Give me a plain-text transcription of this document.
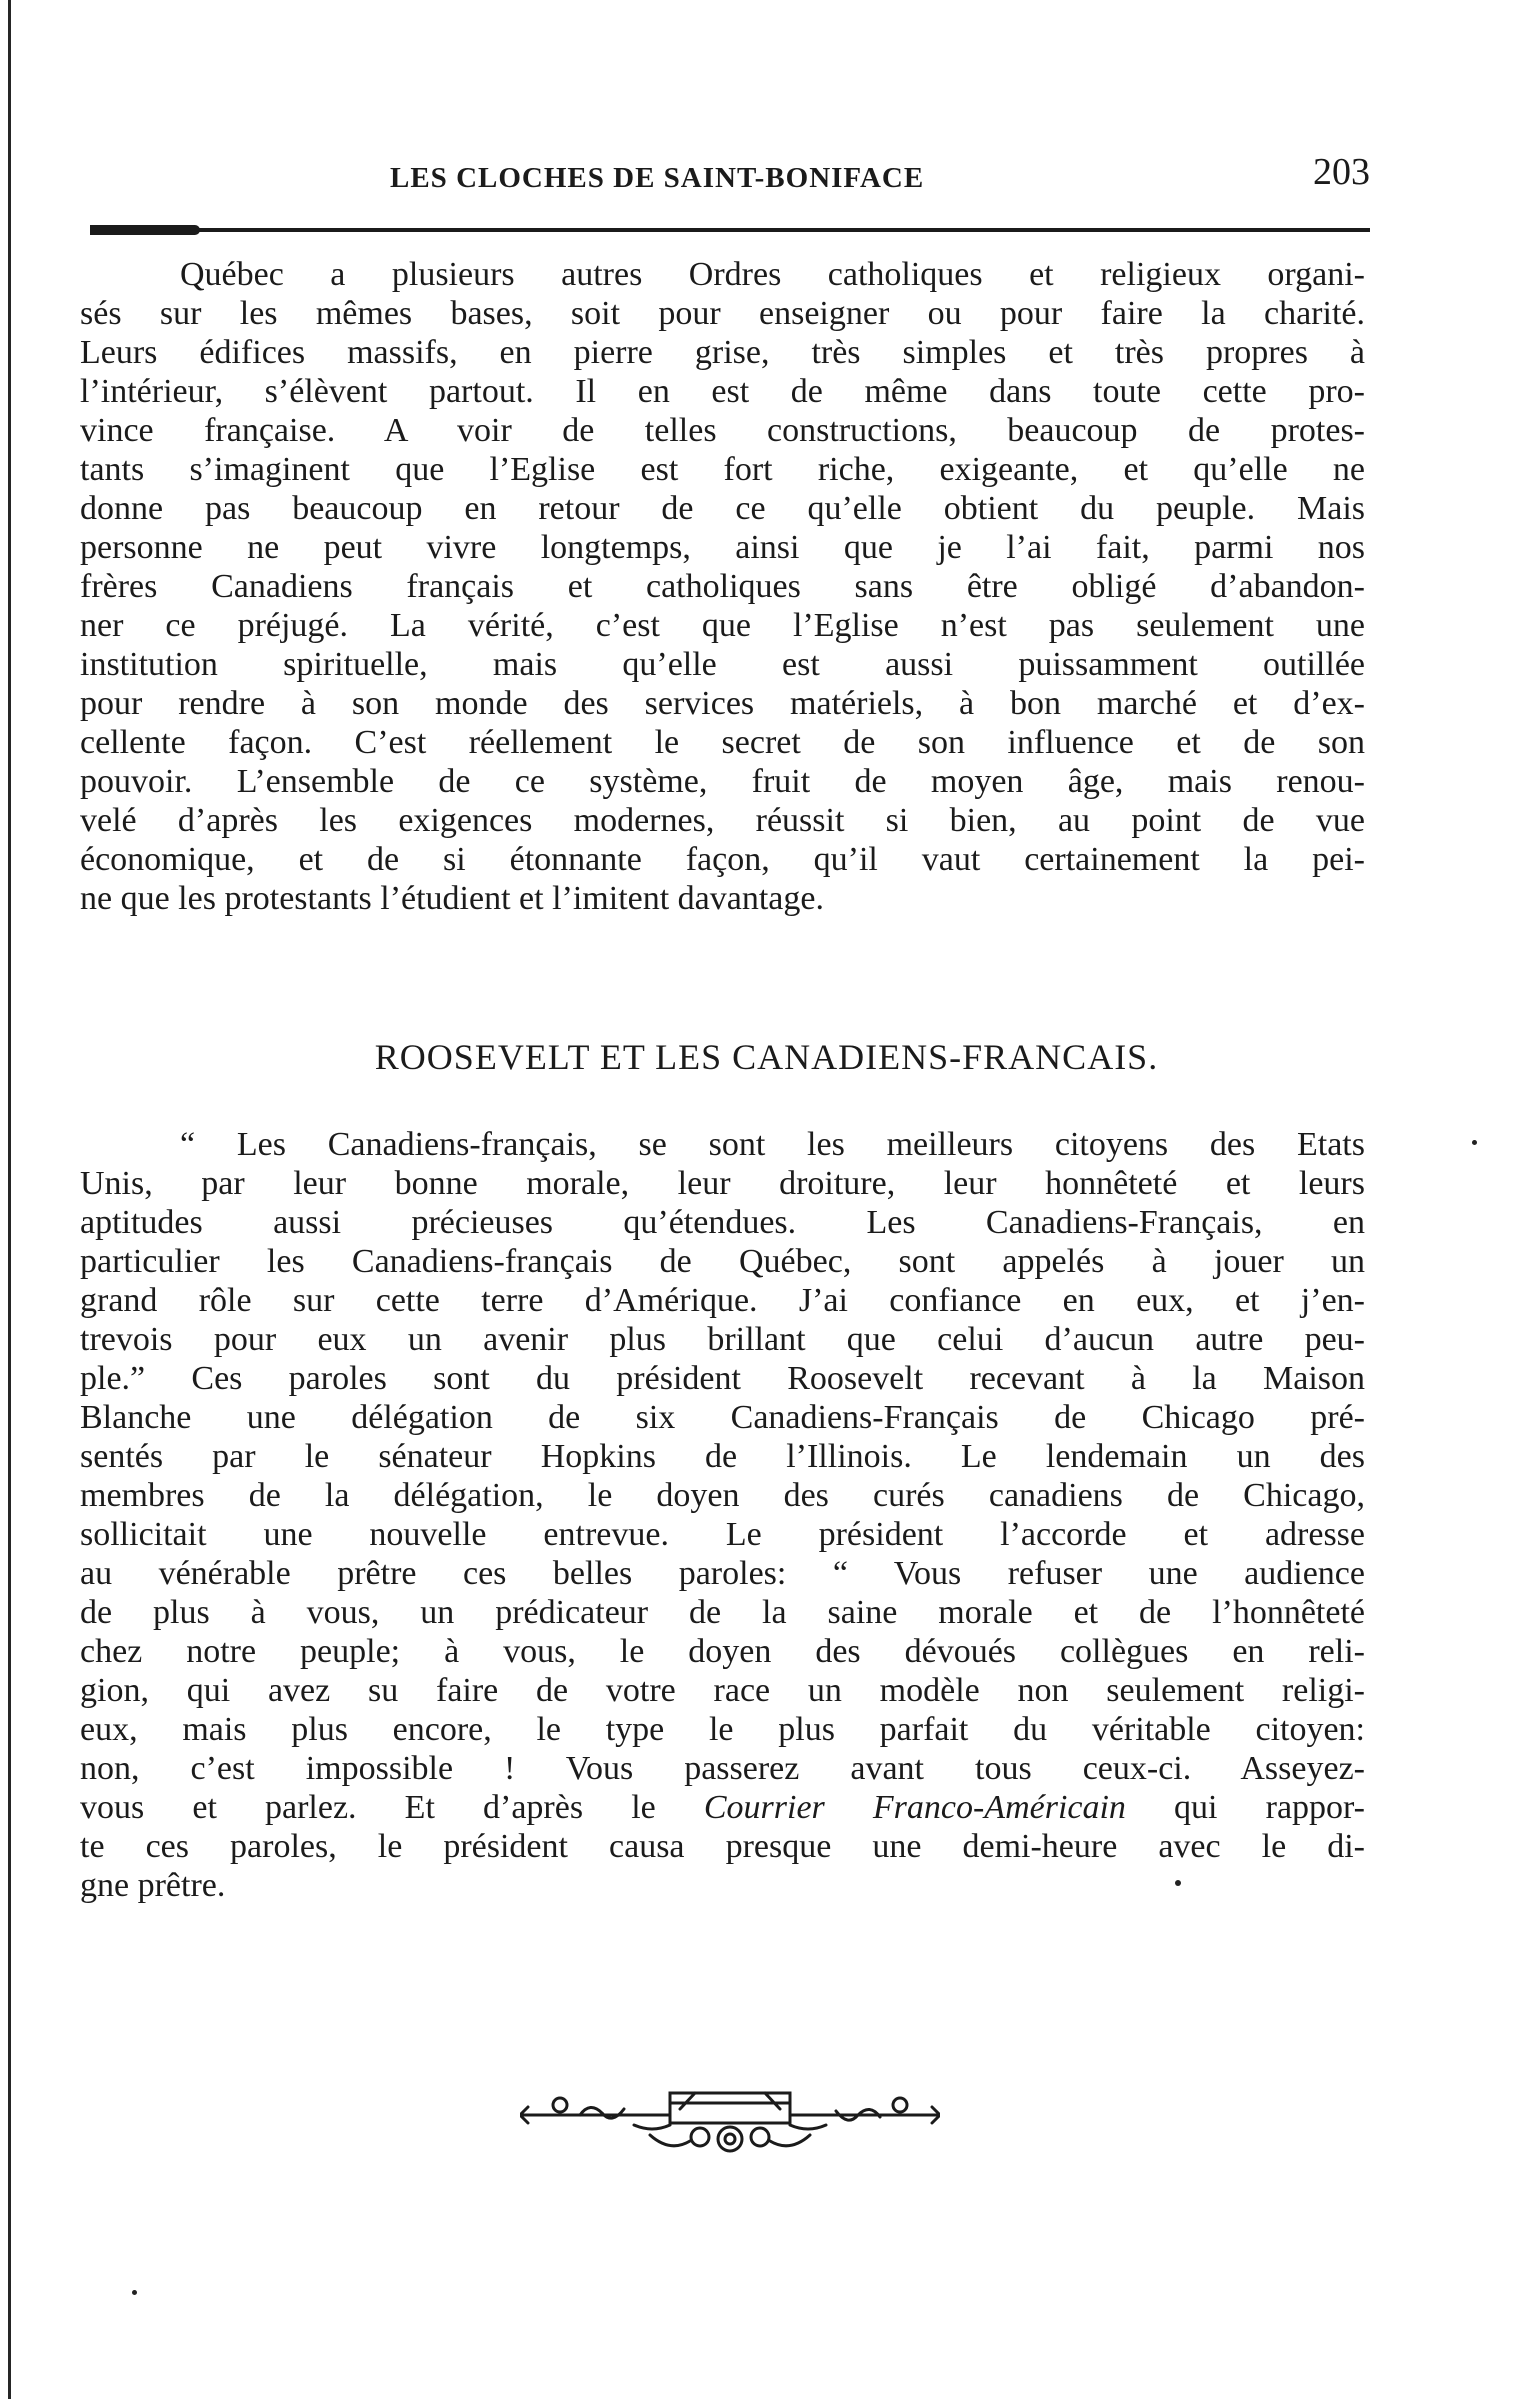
LES CLOCHES DE SAINT-BONIFACE	203
Québec a plusieurs autres Ordres catholiques et religieux organi-
sés sur les mêmes bases, soit pour enseigner ou pour faire la charité.
Leurs édifices massifs, en pierre grise, très simples et très propres à
l’intérieur, s’élèvent partout. Il en est de même dans toute cette pro-
vince française. A voir de telles constructions, beaucoup de protes-
tants s’imaginent que l’Eglise est fort riche, exigeante, et qu’elle ne
donne pas beaucoup en retour de ce qu’elle obtient du peuple. Mais
personne ne peut vivre longtemps, ainsi que je l’ai fait, parmi nos
frères Canadiens français et catholiques sans être obligé d’abandon-
ner ce préjugé. La vérité, c’est que l’Eglise n’est pas seulement une
institution spirituelle, mais qu’elle est aussi puissamment outillée
pour rendre à son monde des services matériels, à bon marché et d’ex-
cellente façon. C’est réellement le secret de son influence et de son
pouvoir. L’ensemble de ce système, fruit de moyen âge, mais renou-
velé d’après les exigences modernes, réussit si bien, au point de vue
économique, et de si étonnante façon, qu’il vaut certainement la pei-
ne que les protestants l’étudient et l’imitent davantage.
ROOSEVELT ET LES CANADIENS-FRANCAIS.
“ Les Canadiens-français, se sont les meilleurs citoyens des Etats
Unis, par leur bonne morale, leur droiture, leur honnêteté et leurs
aptitudes aussi précieuses qu’étendues. Les Canadiens-Français, en
particulier les Canadiens-français de Québec, sont appelés à jouer un
grand rôle sur cette terre d’Amérique. J’ai confiance en eux, et j’en-
trevois pour eux un avenir plus brillant que celui d’aucun autre peu-
ple.” Ces paroles sont du président Roosevelt recevant à la Maison
Blanche une délégation de six Canadiens-Français de Chicago pré-
sentés par le sénateur Hopkins de l’Illinois. Le lendemain un des
membres de la délégation, le doyen des curés canadiens de Chicago,
sollicitait une nouvelle entrevue. Le président l’accorde et adresse
au vénérable prêtre ces belles paroles: “ Vous refuser une audience
de plus à vous, un prédicateur de la saine morale et de l’honnêteté
chez notre peuple; à vous, le doyen des dévoués collègues en reli-
gion, qui avez su faire de votre race un modèle non seulement religi-
eux, mais plus encore, le type le plus parfait du véritable citoyen:
non, c’est impossible ! Vous passerez avant tous ceux-ci. Asseyez-
vous et parlez. Et d’après le Courrier Franco-Américain qui rappor-
te ces paroles, le président causa presque une demi-heure avec le di-
gne prêtre.
